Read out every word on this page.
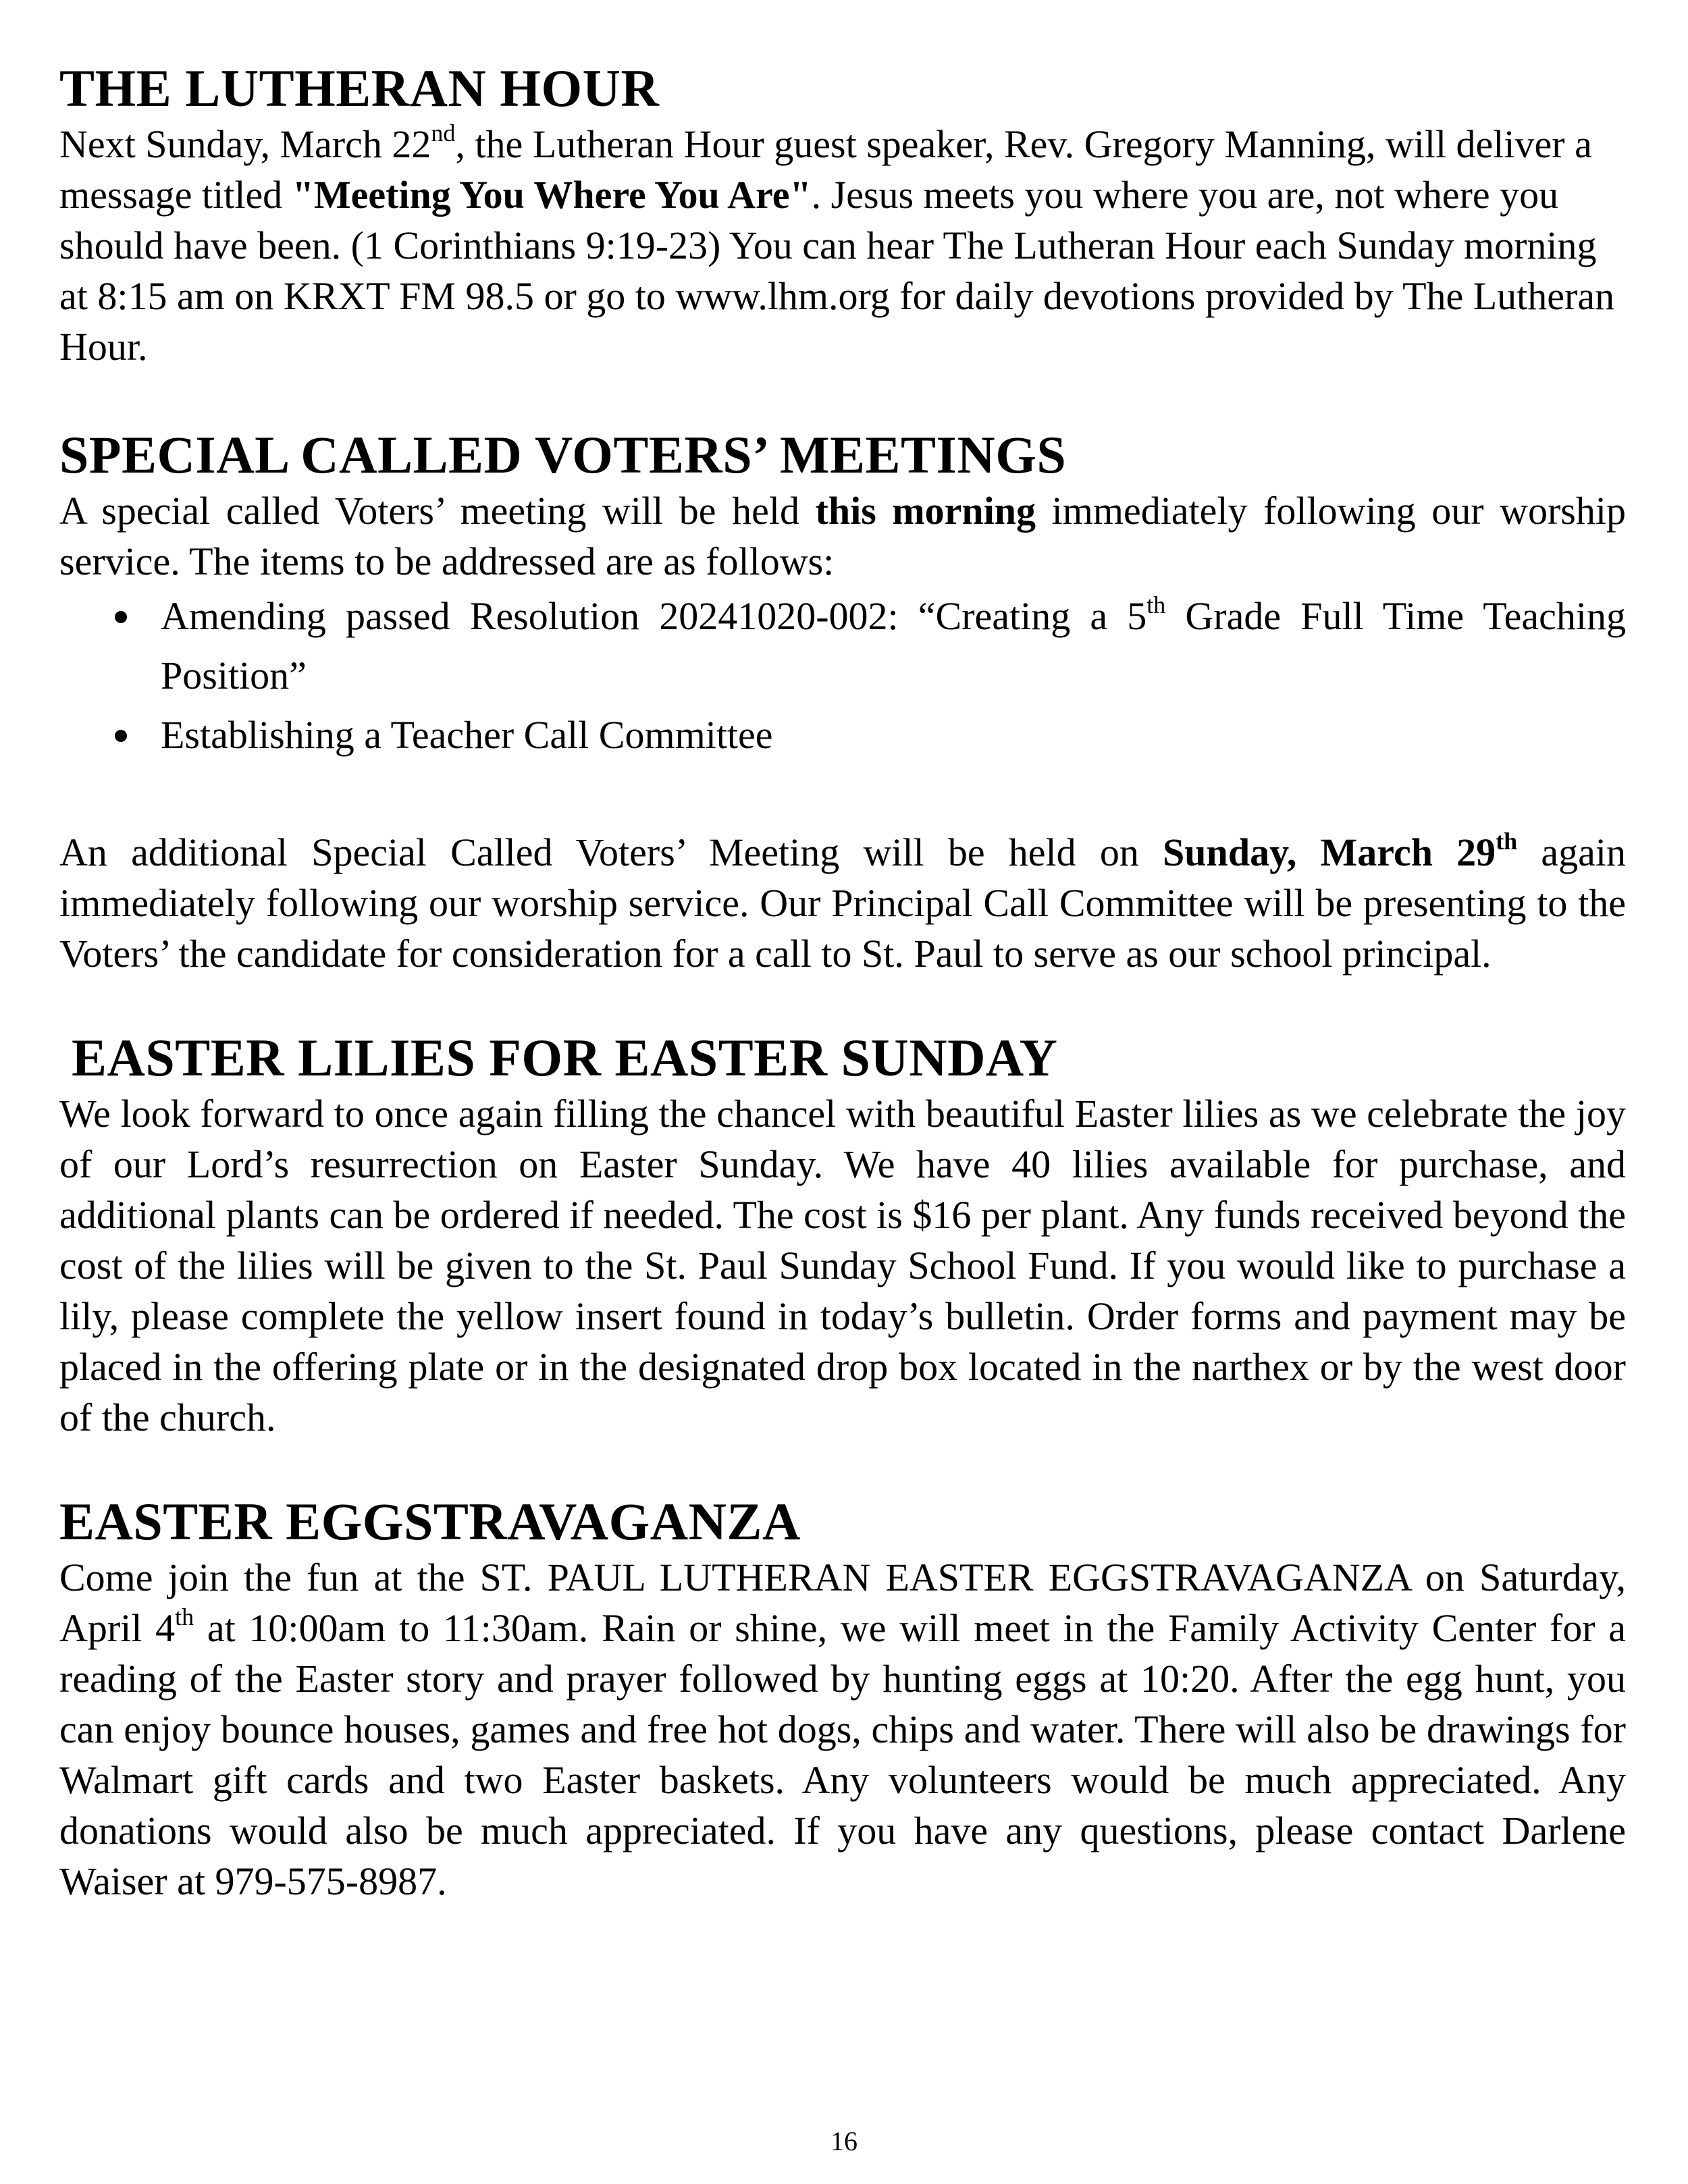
THE LUTHERAN HOUR

Next Sunday, March 22nd, the Lutheran Hour guest speaker, Rev. Gregory Manning, will deliver a message titled "Meeting You Where You Are". Jesus meets you where you are, not where you should have been. (1 Corinthians 9:19-23) You can hear The Lutheran Hour each Sunday morning at 8:15 am on KRXT FM 98.5 or go to www.lhm.org for daily devotions provided by The Lutheran Hour.

SPECIAL CALLED VOTERS’ MEETINGS

A special called Voters’ meeting will be held this morning immediately following our worship service. The items to be addressed are as follows:

Amending passed Resolution 20241020-002: “Creating a 5th Grade Full Time Teaching Position”
Establishing a Teacher Call Committee

An additional Special Called Voters’ Meeting will be held on Sunday, March 29th again immediately following our worship service. Our Principal Call Committee will be presenting to the Voters’ the candidate for consideration for a call to St. Paul to serve as our school principal.

EASTER LILIES FOR EASTER SUNDAY

We look forward to once again filling the chancel with beautiful Easter lilies as we celebrate the joy of our Lord’s resurrection on Easter Sunday. We have 40 lilies available for purchase, and additional plants can be ordered if needed. The cost is $16 per plant. Any funds received beyond the cost of the lilies will be given to the St. Paul Sunday School Fund. If you would like to purchase a lily, please complete the yellow insert found in today’s bulletin. Order forms and payment may be placed in the offering plate or in the designated drop box located in the narthex or by the west door of the church.

EASTER EGGSTRAVAGANZA

Come join the fun at the ST. PAUL LUTHERAN EASTER EGGSTRAVAGANZA on Saturday, April 4th at 10:00am to 11:30am. Rain or shine, we will meet in the Family Activity Center for a reading of the Easter story and prayer followed by hunting eggs at 10:20. After the egg hunt, you can enjoy bounce houses, games and free hot dogs, chips and water. There will also be drawings for Walmart gift cards and two Easter baskets. Any volunteers would be much appreciated. Any donations would also be much appreciated. If you have any questions, please contact Darlene Waiser at 979-575-8987.

16
